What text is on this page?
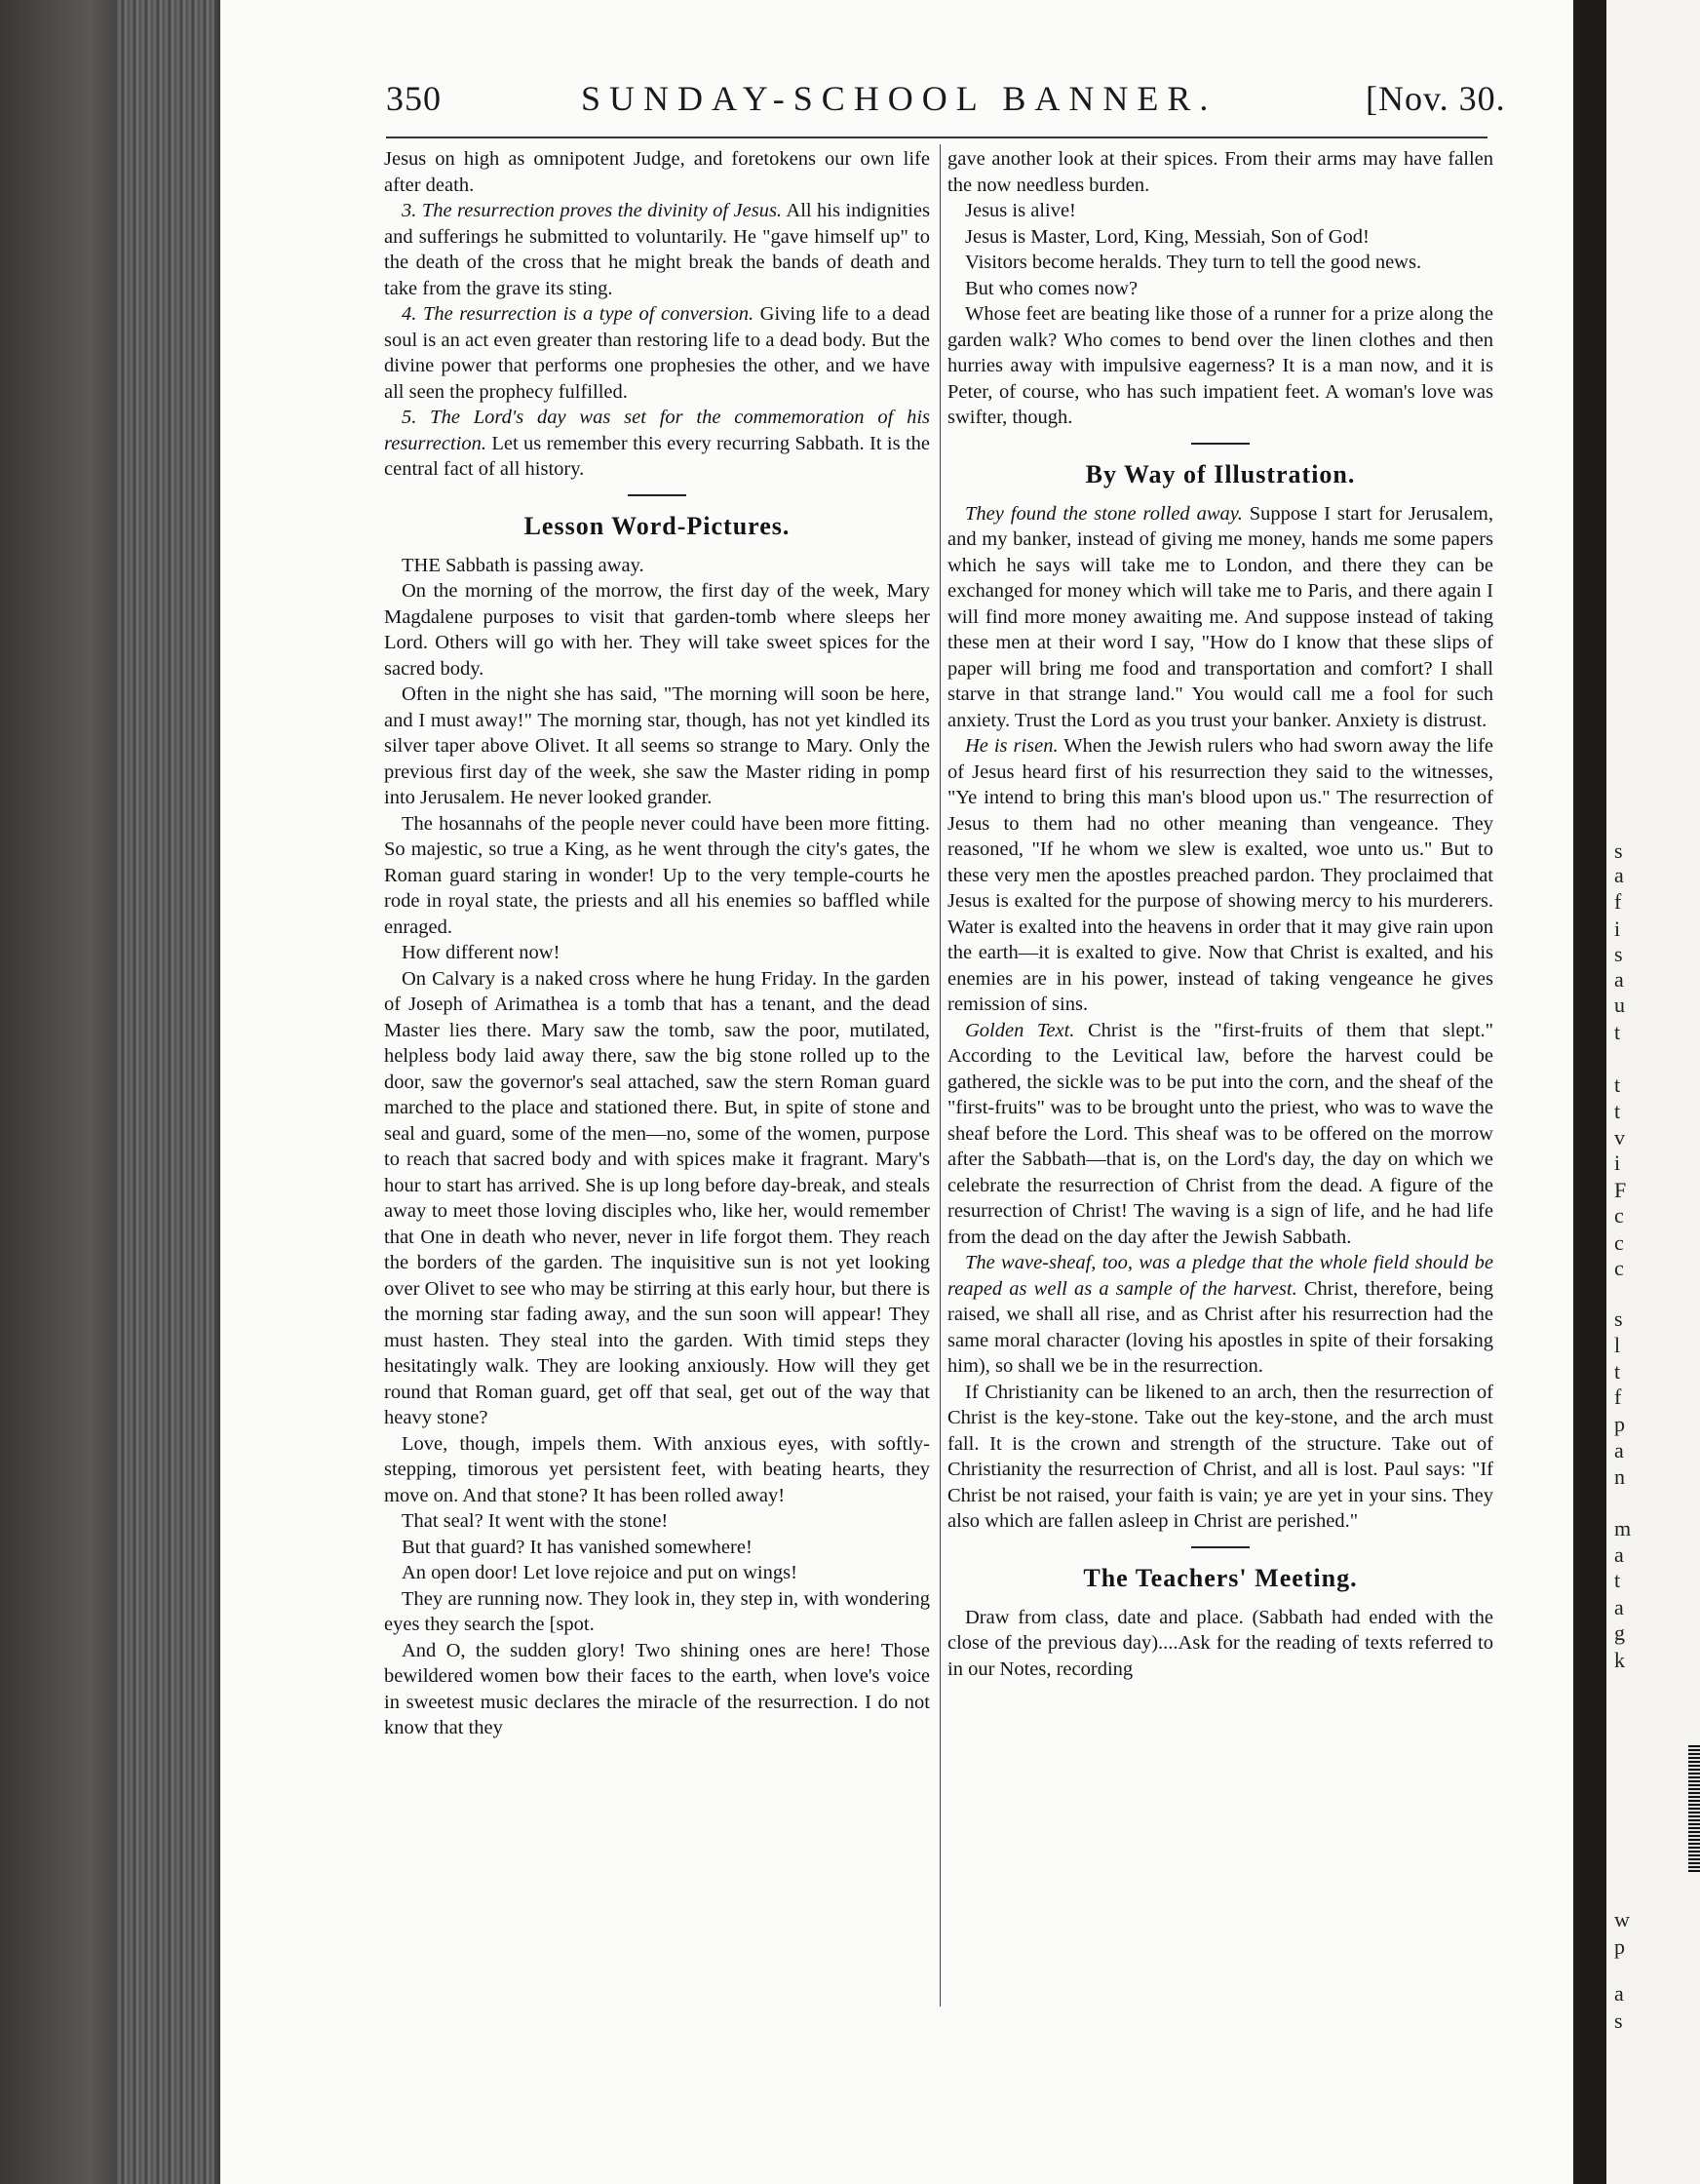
350	SUNDAY-SCHOOL BANNER.	[Nov. 30.

Jesus on high as omnipotent Judge, and foretokens our own life after death.

3. The resurrection proves the divinity of Jesus. All his indignities and sufferings he submitted to voluntarily. He "gave himself up" to the death of the cross that he might break the bands of death and take from the grave its sting.

4. The resurrection is a type of conversion. Giving life to a dead soul is an act even greater than restoring life to a dead body. But the divine power that performs one prophesies the other, and we have all seen the prophecy fulfilled.

5. The Lord's day was set for the commemoration of his resurrection. Let us remember this every recurring Sabbath. It is the central fact of all history.

Lesson Word-Pictures.

THE Sabbath is passing away.

On the morning of the morrow, the first day of the week, Mary Magdalene purposes to visit that garden-tomb where sleeps her Lord. Others will go with her. They will take sweet spices for the sacred body.

Often in the night she has said, "The morning will soon be here, and I must away!" The morning star, though, has not yet kindled its silver taper above Olivet. It all seems so strange to Mary. Only the previous first day of the week, she saw the Master riding in pomp into Jerusalem. He never looked grander.

The hosannahs of the people never could have been more fitting. So majestic, so true a King, as he went through the city's gates, the Roman guard staring in wonder! Up to the very temple-courts he rode in royal state, the priests and all his enemies so baffled while enraged.

How different now!

On Calvary is a naked cross where he hung Friday. In the garden of Joseph of Arimathea is a tomb that has a tenant, and the dead Master lies there. Mary saw the tomb, saw the poor, mutilated, helpless body laid away there, saw the big stone rolled up to the door, saw the governor's seal attached, saw the stern Roman guard marched to the place and stationed there. But, in spite of stone and seal and guard, some of the men—no, some of the women, purpose to reach that sacred body and with spices make it fragrant. Mary's hour to start has arrived. She is up long before day-break, and steals away to meet those loving disciples who, like her, would remember that One in death who never, never in life forgot them. They reach the borders of the garden. The inquisitive sun is not yet looking over Olivet to see who may be stirring at this early hour, but there is the morning star fading away, and the sun soon will appear! They must hasten. They steal into the garden. With timid steps they hesitatingly walk. They are looking anxiously. How will they get round that Roman guard, get off that seal, get out of the way that heavy stone?

Love, though, impels them. With anxious eyes, with softly-stepping, timorous yet persistent feet, with beating hearts, they move on. And that stone? It has been rolled away!

That seal? It went with the stone!

But that guard? It has vanished somewhere!

An open door! Let love rejoice and put on wings!

They are running now. They look in, they step in, with wondering eyes they search the [spot.

And O, the sudden glory! Two shining ones are here! Those bewildered women bow their faces to the earth, when love's voice in sweetest music declares the miracle of the resurrection. I do not know that they

gave another look at their spices. From their arms may have fallen the now needless burden.

Jesus is alive!

Jesus is Master, Lord, King, Messiah, Son of God!

Visitors become heralds. They turn to tell the good news.

But who comes now?

Whose feet are beating like those of a runner for a prize along the garden walk? Who comes to bend over the linen clothes and then hurries away with impulsive eagerness? It is a man now, and it is Peter, of course, who has such impatient feet. A woman's love was swifter, though.

By Way of Illustration.

They found the stone rolled away. Suppose I start for Jerusalem, and my banker, instead of giving me money, hands me some papers which he says will take me to London, and there they can be exchanged for money which will take me to Paris, and there again I will find more money awaiting me. And suppose instead of taking these men at their word I say, "How do I know that these slips of paper will bring me food and transportation and comfort? I shall starve in that strange land." You would call me a fool for such anxiety. Trust the Lord as you trust your banker. Anxiety is distrust.

He is risen. When the Jewish rulers who had sworn away the life of Jesus heard first of his resurrection they said to the witnesses, "Ye intend to bring this man's blood upon us." The resurrection of Jesus to them had no other meaning than vengeance. They reasoned, "If he whom we slew is exalted, woe unto us." But to these very men the apostles preached pardon. They proclaimed that Jesus is exalted for the purpose of showing mercy to his murderers. Water is exalted into the heavens in order that it may give rain upon the earth—it is exalted to give. Now that Christ is exalted, and his enemies are in his power, instead of taking vengeance he gives remission of sins.

Golden Text. Christ is the "first-fruits of them that slept." According to the Levitical law, before the harvest could be gathered, the sickle was to be put into the corn, and the sheaf of the "first-fruits" was to be brought unto the priest, who was to wave the sheaf before the Lord. This sheaf was to be offered on the morrow after the Sabbath—that is, on the Lord's day, the day on which we celebrate the resurrection of Christ from the dead. A figure of the resurrection of Christ! The waving is a sign of life, and he had life from the dead on the day after the Jewish Sabbath.

The wave-sheaf, too, was a pledge that the whole field should be reaped as well as a sample of the harvest. Christ, therefore, being raised, we shall all rise, and as Christ after his resurrection had the same moral character (loving his apostles in spite of their forsaking him), so shall we be in the resurrection.

If Christianity can be likened to an arch, then the resurrection of Christ is the key-stone. Take out the key-stone, and the arch must fall. It is the crown and strength of the structure. Take out of Christianity the resurrection of Christ, and all is lost. Paul says: "If Christ be not raised, your faith is vain; ye are yet in your sins. They also which are fallen asleep in Christ are perished."

The Teachers' Meeting.

Draw from class, date and place. (Sabbath had ended with the close of the previous day)....Ask for the reading of texts referred to in our Notes, recording

s
a
f
i
s
a
u
t
t
t
v
i
F
c
c
c
s
l
t
f
p
a
n
m
a
t
a
g
k
w
p
a
s
